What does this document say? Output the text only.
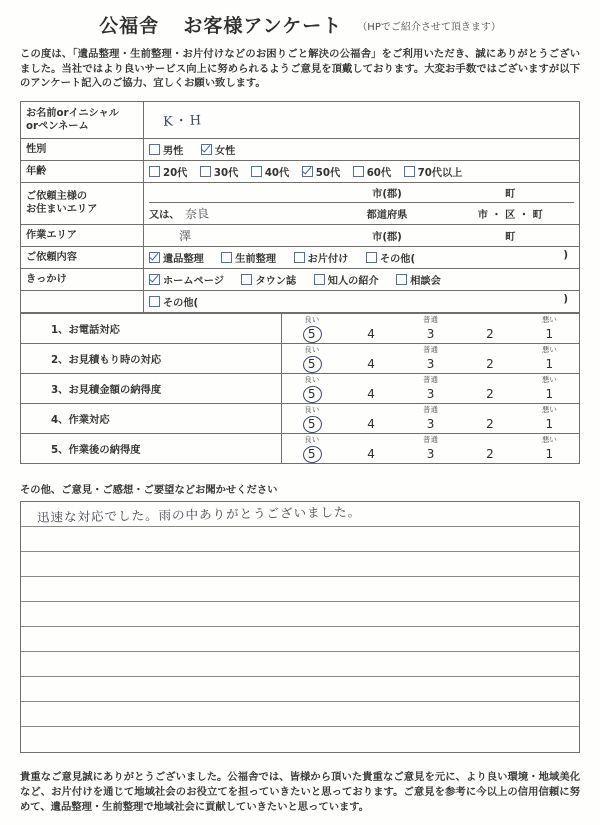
公福舎 お客様アンケート （HPでご紹介させて頂きます）
この度は、「遺品整理・生前整理・お片付けなどのお困りごと解決の公福舎」をご利用いただき、誠にありがとうございました。当社ではより良いサービス向上に努められるようご意見を頂戴しております。大変お手数ではございますが以下のアンケート記入のご協力、宜しくお願い致します。
お名前orイニシャル
orペンネーム	K・H
性別	男性	女性
年齢	20代	30代	40代	50代	60代	70代以上
ご依頼主様の
お住まいエリア	
	市(郡)	町
又は、 奈良	都道府県	市 ・ 区 ・ 町

作業エリア		澤	市(郡)	町

ご依頼内容	遺品整理	生前整理	お片付け	その他(	)

きっかけ	ホームページ	タウン誌	知人の紹介	相談会
	その他(	)
1、お電話対応	
良い	普通	悪い
5	4	3	2	1

2、お見積もり時の対応	
良い	普通	悪い
5	4	3	2	1

3、お見積金額の納得度	
良い	普通	悪い
5	4	3	2	1

4、作業対応	
良い	普通	悪い
5	4	3	2	1

5、作業後の納得度	
良い	普通	悪い
5	4	3	2	1
その他、ご意見・ご感想・ご要望などお聞かせください
迅速な対応でした。雨の中ありがとうございました。
貴重なご意見誠にありがとうございました。公福舎では、皆様から頂いた貴重なご意見を元に、より良い環境・地域美化など、お片付けを通じて地域社会のお役立てを担っていきたいと思っております。ご意見を参考に今以上の信用信頼に努めて、遺品整理・生前整理で地域社会に貢献していきたいと思っています。
